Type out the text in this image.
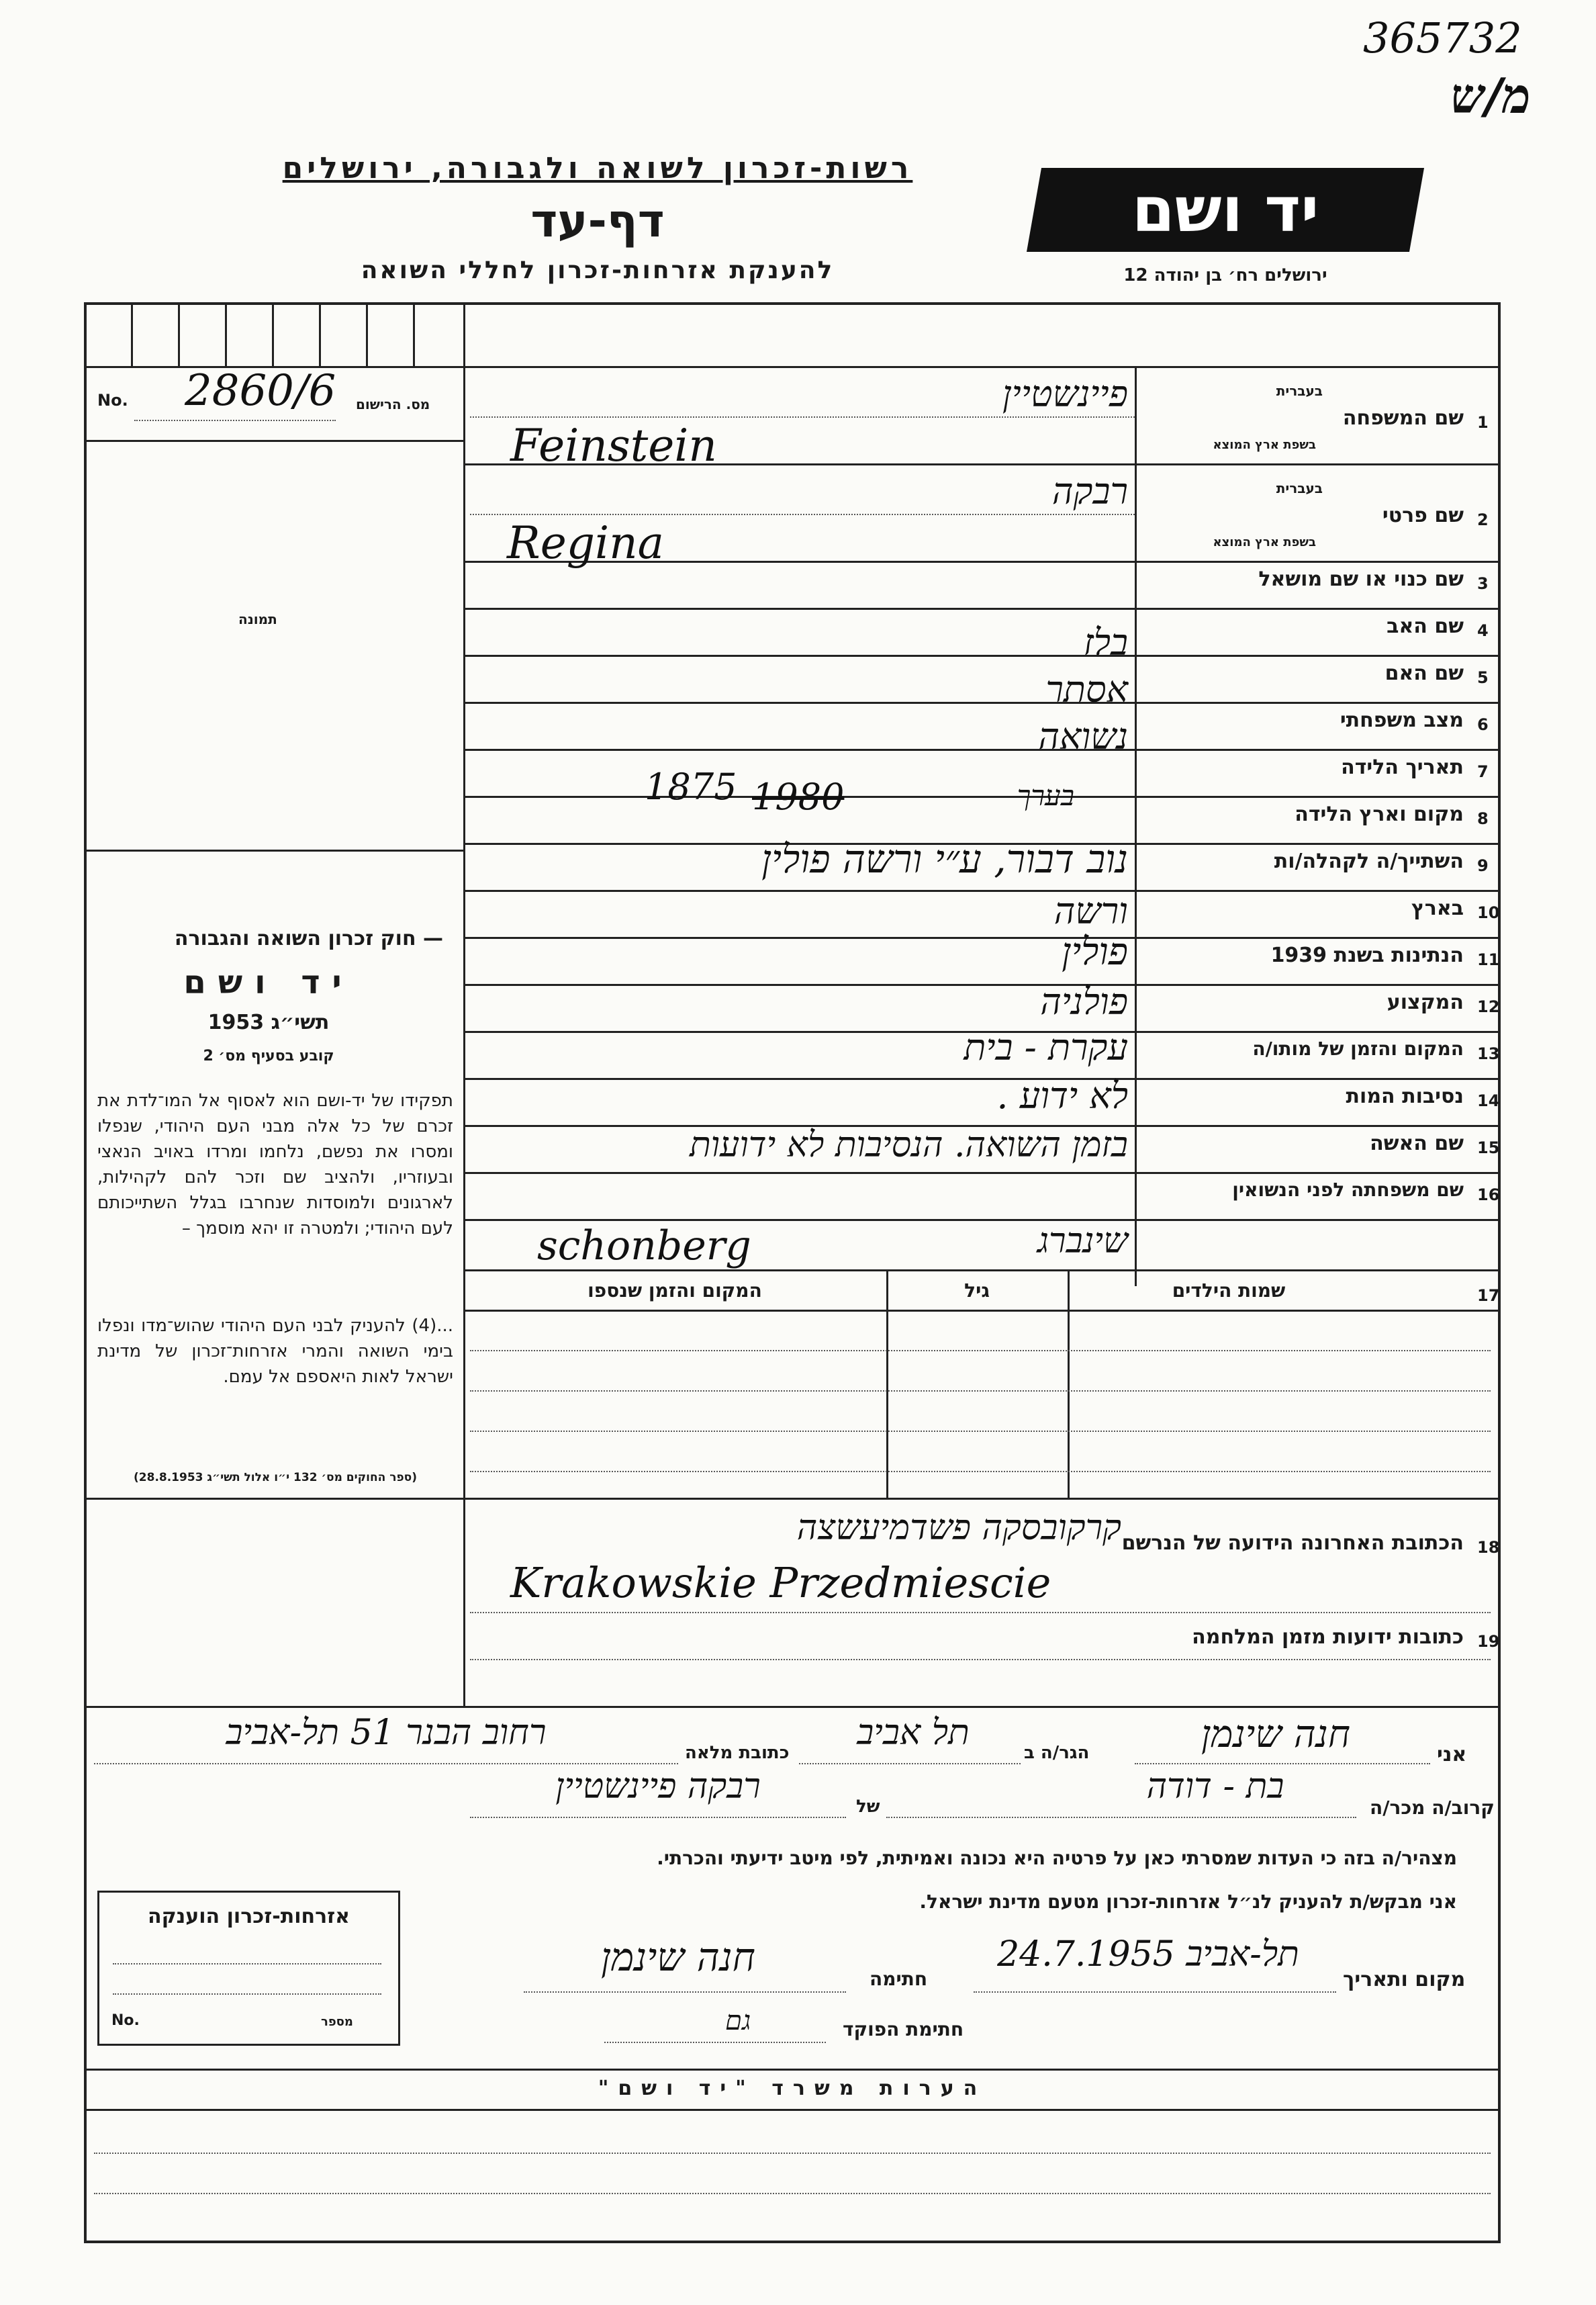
365732
מ/ש
רשות-זכרון לשואה ולגבורה, ירושלים
דף-עד
להענקת אזרחות-זכרון לחללי השואה
יד ושם
ירושלים רח׳ בן יהודה 12
No. 2860/6 מס. הרישום
תמונה
— חוק זכרון השואה והגבורה
יד ושם
תשי״ג 1953
קובע בסעיף מס׳ 2
תפקידו של יד-ושם הוא לאסוף אל המו־לדת את זכרם של כל אלה מבני העם היהודי, שנפלו ומסרו את נפשם, נלחמו ומרדו באויב הנאצי ובעוזריו, ולהציב שם וזכר להם לקהילות, לארגונים ולמוסדות שנחרבו בגלל השתייכותם לעם היהודי; ולמטרה זו יהא מוסמך –
...(4) להעניק לבני העם היהודי שהוש־מדו ונפלו בימי השואה והמרי אזרחות־זכרון של מדינת ישראל לאות היאספם אל עמם.
(ספר החוקים מס׳ 132 י״ו אלול תשי״ג 28.8.1953)
1
שם המשפחה
בעברית
בשפת ארץ המוצא
2
שם פרטי
בעברית
בשפת ארץ המוצא
3
שם כנוי או שם מושאל
4
שם האב
5
שם האם
6
מצב משפחתי
7
תאריך הלידה
8
מקום וארץ הלידה
9
השתייך/ה לקהלה/ות
10
בארץ
11
הנתינות בשנת 1939
12
המקצוע
13
המקום והזמן של מותו/ה
14
נסיבות המות
15
שם האשה
16
שם משפחתה לפני הנשואין
פיינשטיין
Feinstein
רבקה
Regina
בלז
אסתר
נשואה
בערך
1980
1875
נוב דבור, ע״י ורשה פולין
ורשה
פולין
פולניה
עקרת - בית
לא ידוע .
בזמן השואה. הנסיבות לא ידועות
שינברג
schonberg
17
שמות הילדים
גיל
המקום והזמן שנספו
18
הכתובת האחרונה הידועה של הנרשם
קרקובסקה פשדמיעשצה
Krakowskie Przedmiescie
19
כתובות ידועות מזמן המלחמה
אני
חנה שינמן
הגר/ה ב
תל אביב
כתובת מלאה
רחוב הבנר 51 תל-אביב
קרוב/ה מכר/ה
בת - דודה
של
רבקה פיינשטיין
מצהיר/ה בזה כי העדות שמסרתי כאן על פרטיה היא נכונה ואמיתית, לפי מיטב ידיעתי והכרתי.
אני מבקש/ת להעניק לנ״ל אזרחות-זכרון מטעם מדינת ישראל.
אזרחות-זכרון הוענקה
No.	מספר
מקום ותאריך
תל-אביב 24.7.1955
חתימה
חנה שינמן
חתימת הפוקד
גם
הערות משרד "יד ושם"
